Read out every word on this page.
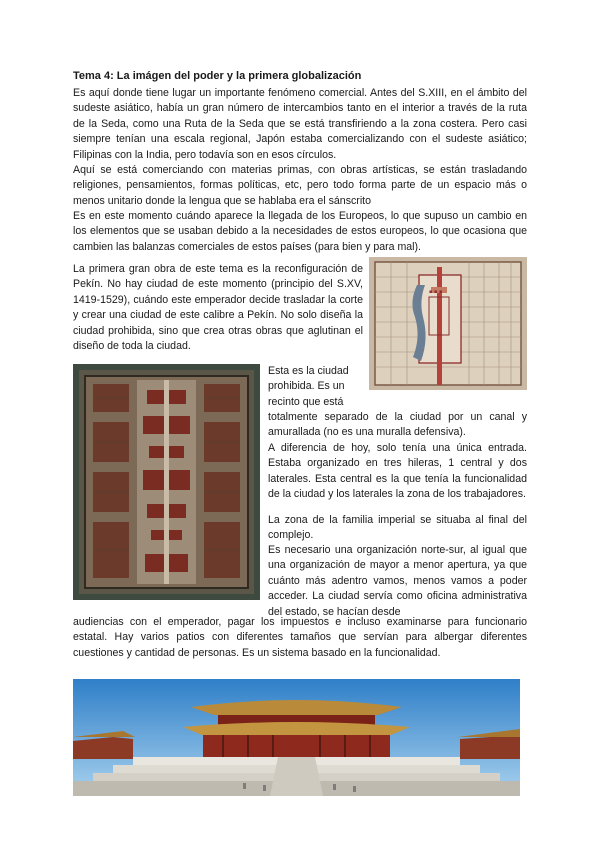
Tema 4: La imágen del poder y la primera globalización

Es aquí donde tiene lugar un importante fenómeno comercial. Antes del S.XIII, en el ámbito del sudeste asiático, había un gran número de intercambios tanto en el interior a través de la ruta de la Seda, como una Ruta de la Seda que se está transfiriendo a la zona costera. Pero casi siempre tenían una escala regional, Japón estaba comercializando con el sudeste asiático; Filipinas con la India, pero todavía son en esos círculos.

Aquí se está comerciando con materias primas, con obras artísticas, se están trasladando religiones, pensamientos, formas políticas, etc, pero todo forma parte de un espacio más o menos unitario donde la lengua que se hablaba era el sánscrito

Es en este momento cuándo aparece la llegada de los Europeos, lo que supuso un cambio en los elementos que se usaban debido a la necesidades de estos europeos, lo que ocasiona que cambien las balanzas comerciales de estos países (para bien y para mal).

La primera gran obra de este tema es la reconfiguración de Pekín. No hay ciudad de este momento (principio del S.XV, 1419-1529), cuándo este emperador decide trasladar la corte y crear una ciudad de este calibre a Pekín. No solo diseña la ciudad prohibida, sino que crea otras obras que aglutinan el diseño de toda la ciudad.

▪ ▪ ▪

Esta es la ciudad

prohibida. Es un

recinto que está

totalmente separado de la ciudad por un canal y amurallada (no es una muralla defensiva).

A diferencia de hoy, solo tenía una única entrada. Estaba organizado en tres hileras, 1 central y dos laterales. Esta central es la que tenía la funcionalidad de la ciudad y los laterales la zona de los trabajadores.

La zona de la familia imperial se situaba al final del complejo.

Es necesario una organización norte-sur, al igual que una organización de mayor a menor apertura, ya que cuánto más adentro vamos, menos vamos a poder acceder. La ciudad servía como oficina administrativa del estado, se hacían desde

audiencias con el emperador, pagar los impuestos e incluso examinarse para funcionario estatal. Hay varios patios con diferentes tamaños que servían para albergar diferentes cuestiones y cantidad de personas. Es un sistema basado en la funcionalidad.
